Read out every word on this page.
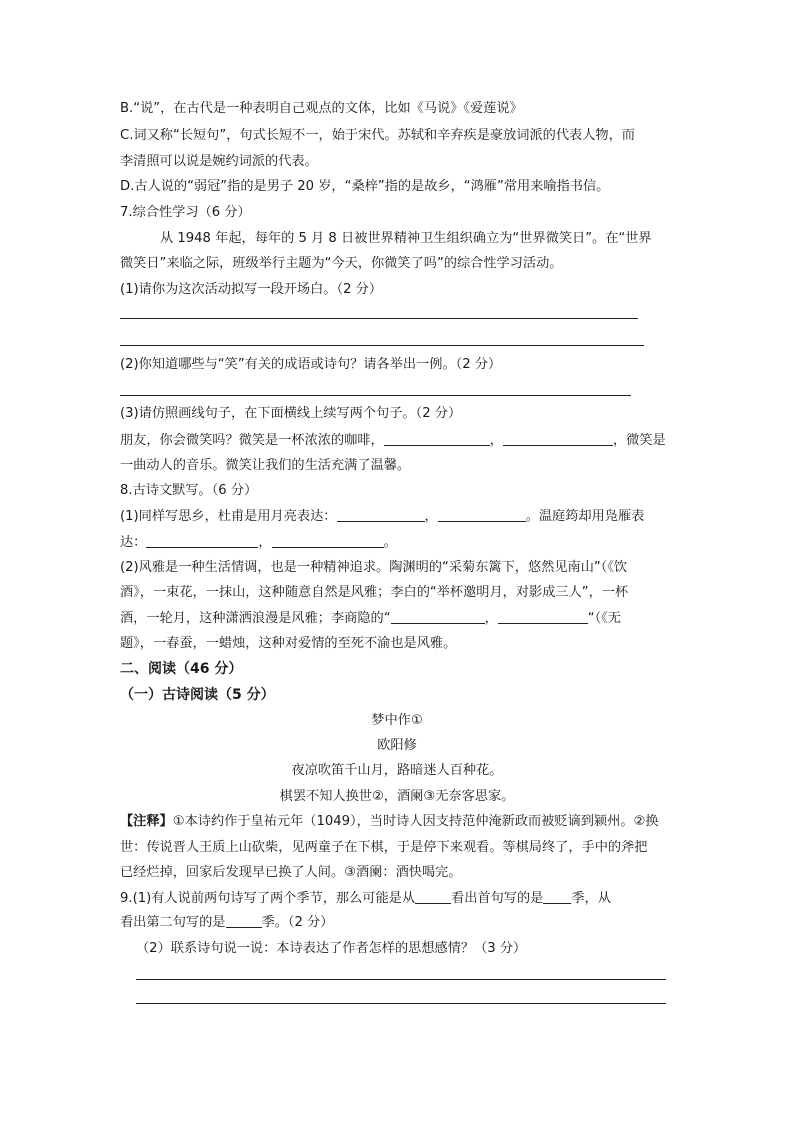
B.“说”，在古代是一种表明自己观点的文体，比如《马说》《爱莲说》
C.词又称“长短句”，句式长短不一，始于宋代。苏轼和辛弃疾是豪放词派的代表人物，而
李清照可以说是婉约词派的代表。
D.古人说的“弱冠”指的是男子 20 岁，“桑梓”指的是故乡，“鸿雁”常用来喻指书信。
7.综合性学习（6 分）
从 1948 年起，每年的 5 月 8 日被世界精神卫生组织确立为“世界微笑日”。在“世界
微笑日”来临之际，班级举行主题为“今天，你微笑了吗”的综合性学习活动。
(1)请你为这次活动拟写一段开场白。（2 分）
(2)你知道哪些与“笑”有关的成语或诗句？请各举出一例。（2 分）
(3)请仿照画线句子，在下面横线上续写两个句子。（2 分）
朋友，你会微笑吗？微笑是一杯浓浓的咖啡，	，	，微笑是
一曲动人的音乐。微笑让我们的生活充满了温馨。
8.古诗文默写。（6 分）
(1)同样写思乡，杜甫是用月亮表达：	，	。温庭筠却用凫雁表
达：	，	。
(2)风雅是一种生活情调，也是一种精神追求。陶渊明的“采菊东篱下，悠然见南山”（《饮
酒》，一束花，一抹山，这种随意自然是风雅；李白的“举杯邀明月，对影成三人”，一杯
酒，一轮月，这种潇洒浪漫是风雅；李商隐的“	，	“（《无
题》，一春蚕，一蜡烛，这种对爱情的至死不渝也是风雅。
二、阅读（46 分）
（一）古诗阅读（5 分）
梦中作①
欧阳修
夜凉吹笛千山月，路暗迷人百种花。
棋罢不知人换世②，酒阑③无奈客思家。
【注释】①本诗约作于皇祐元年（1049），当时诗人因支持范仲淹新政而被贬谪到颍州。②换
世：传说晋人王质上山砍柴，见两童子在下棋，于是停下来观看。等棋局终了，手中的斧把
已经烂掉，回家后发现早已换了人间。③酒阑：酒快喝完。
9.(1)有人说前两句诗写了两个季节，那么可能是从	看出首句写的是 季，从
看出第二句写的是	季。（2 分）
（2）联系诗句说一说：本诗表达了作者怎样的思想感情？（3 分）
